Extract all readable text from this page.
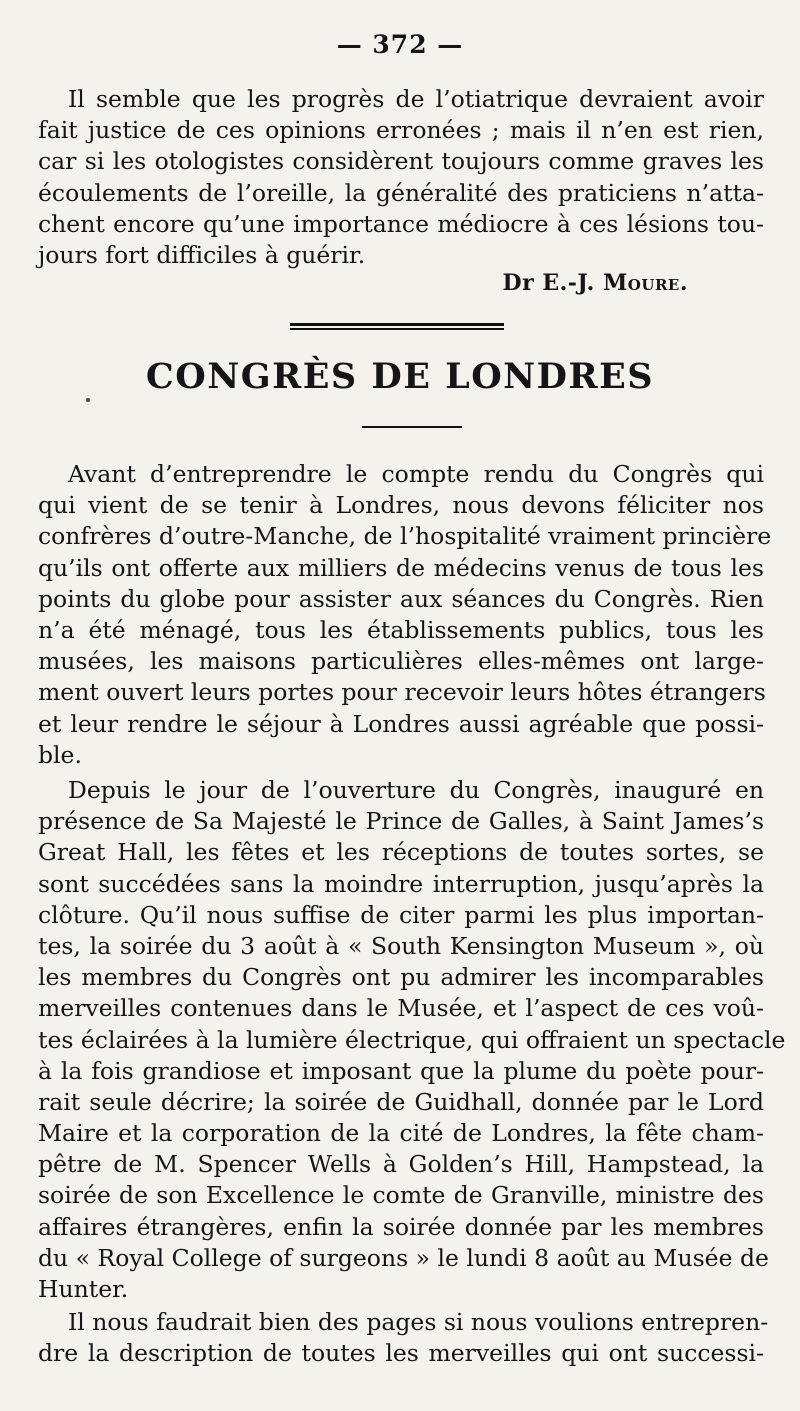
— 372 —
Il semble que les progrès de l’otiatrique devraient avoir
fait justice de ces opinions erronées ; mais il n’en est rien,
car si les otologistes considèrent toujours comme graves les
écoulements de l’oreille, la généralité des praticiens n’atta-
chent encore qu’une importance médiocre à ces lésions tou-
jours fort difficiles à guérir.
Dr E.-J. Moure.
CONGRÈS DE LONDRES
Avant d’entreprendre le compte rendu du Congrès qui
qui vient de se tenir à Londres, nous devons féliciter nos
confrères d’outre-Manche, de l’hospitalité vraiment princière
qu’ils ont offerte aux milliers de médecins venus de tous les
points du globe pour assister aux séances du Congrès. Rien
n’a été ménagé, tous les établissements publics, tous les
musées, les maisons particulières elles-mêmes ont large-
ment ouvert leurs portes pour recevoir leurs hôtes étrangers
et leur rendre le séjour à Londres aussi agréable que possi-
ble.
Depuis le jour de l’ouverture du Congrès, inauguré en
présence de Sa Majesté le Prince de Galles, à Saint James’s
Great Hall, les fêtes et les réceptions de toutes sortes, se
sont succédées sans la moindre interruption, jusqu’après la
clôture. Qu’il nous suffise de citer parmi les plus importan-
tes, la soirée du 3 août à « South Kensington Museum », où
les membres du Congrès ont pu admirer les incomparables
merveilles contenues dans le Musée, et l’aspect de ces voû-
tes éclairées à la lumière électrique, qui offraient un spectacle
à la fois grandiose et imposant que la plume du poète pour-
rait seule décrire; la soirée de Guidhall, donnée par le Lord
Maire et la corporation de la cité de Londres, la fête cham-
pêtre de M. Spencer Wells à Golden’s Hill, Hampstead, la
soirée de son Excellence le comte de Granville, ministre des
affaires étrangères, enfin la soirée donnée par les membres
du « Royal College of surgeons » le lundi 8 août au Musée de
Hunter.
Il nous faudrait bien des pages si nous voulions entrepren-
dre la description de toutes les merveilles qui ont successi-
